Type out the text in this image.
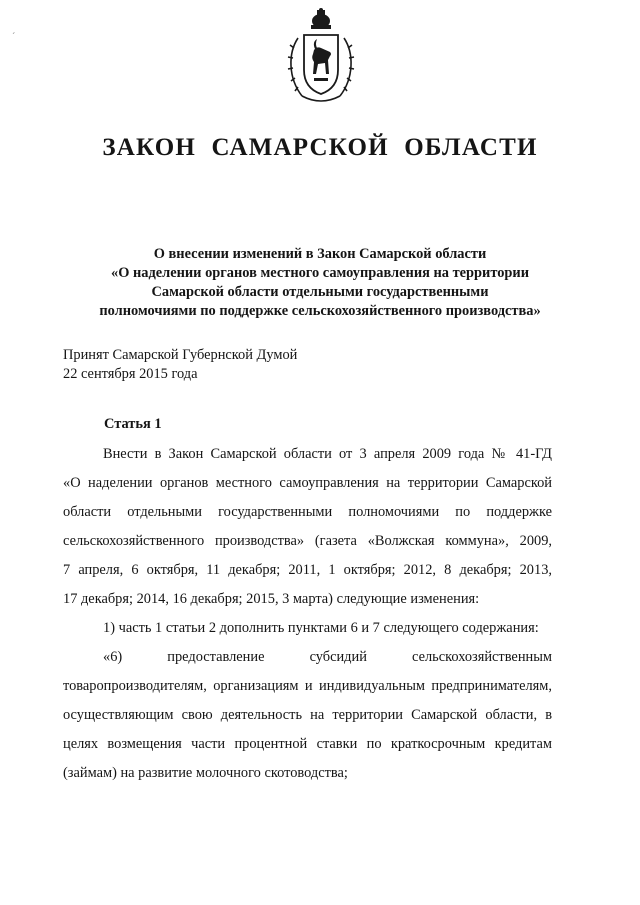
´
ЗАКОН САМАРСКОЙ ОБЛАСТИ
О внесении изменений в Закон Самарской области
«О наделении органов местного самоуправления на территории
Самарской области отдельными государственными
полномочиями по поддержке сельскохозяйственного производства»
Принят Самарской Губернской Думой
22 сентября 2015 года
Статья 1
Внести в Закон Самарской области от 3 апреля 2009 года № 41-ГД
«О наделении органов местного самоуправления на территории Самарской
области отдельными государственными полномочиями по поддержке
сельскохозяйственного производства» (газета «Волжская коммуна», 2009,
7 апреля, 6 октября, 11 декабря; 2011, 1 октября; 2012, 8 декабря; 2013,
17 декабря; 2014, 16 декабря; 2015, 3 марта) следующие изменения:
1) часть 1 статьи 2 дополнить пунктами 6 и 7 следующего содержания:
«6) предоставление субсидий сельскохозяйственным
товаропроизводителям, организациям и индивидуальным предпринимателям,
осуществляющим свою деятельность на территории Самарской области, в
целях возмещения части процентной ставки по краткосрочным кредитам
(займам) на развитие молочного скотоводства;
